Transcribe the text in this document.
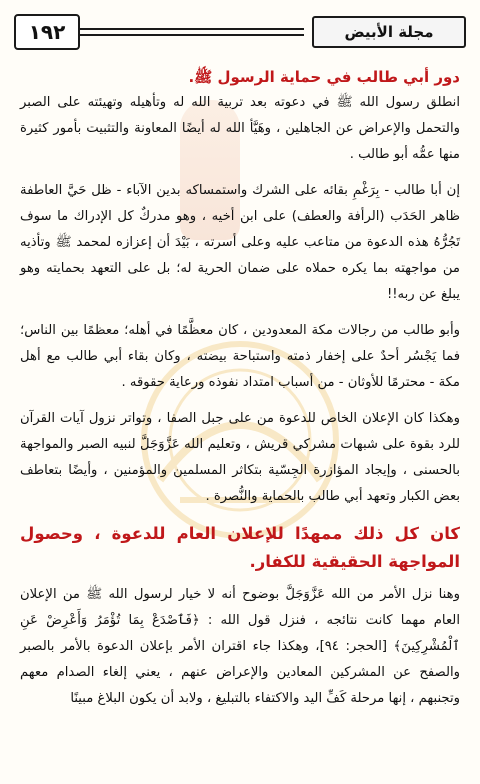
١٩٢	مجلة الأبيض

دور أبي طالب في حماية الرسول ﷺ.

انطلق رسول الله ﷺ في دعوته بعد تربية الله له وتأهيله وتهيئته على الصبر والتحمل والإعراض عن الجاهلين ، وهَيَّأ الله له أيضًا المعاونة والتثبيت بأمور كثيرة منها عمُّه أبو طالب .

إن أبا طالب - بِرَغْمِ بقائه على الشرك واستمساكه بدين الآباء - ظل حَيَّ العاطفة ظاهر الحَدَب (الرأفة والعطف) على ابن أخيه ، وهو مدركٌ كل الإدراك ما سوف تَجُرُّهُ هذه الدعوة من متاعب عليه وعلى أسرته ، بَيْدَ أن إعزازه لمحمد ﷺ وتأذيه من مواجهته بما يكره حملاه على ضمان الحرية له؛ بل على التعهد بحمايته وهو يبلغ عن ربه!!

وأبو طالب من رجالات مكة المعدودين ، كان معظَّمًا في أهله؛ معظمًا بين الناس؛ فما يَجْسُر أحدٌ على إخفار ذمته واستباحة بيضته ، وكان بقاء أبي طالب مع أهل مكة - محترمًا للأوثان - من أسباب امتداد نفوذه ورعاية حقوقه .

وهكذا كان الإعلان الخاص للدعوة من على جبل الصفا ، وتواتر نزول آيات القرآن للرد بقوة على شبهات مشركي قريش ، وتعليم الله عَزَّوَجَلَّ لنبيه الصبر والمواجهة بالحسنى ، وإيجاد المؤازرة الجِسّية بتكاثر المسلمين والمؤمنين ، وأيضًا بتعاطف بعض الكبار وتعهد أبي طالب بالحماية والنُّصرة .

كان كل ذلك ممهدًا للإعلان العام للدعوة ، وحصول المواجهة الحقيقية للكفار.

وهنا نزل الأمر من الله عَزَّوَجَلَّ بوضوح أنه لا خيار لرسول الله ﷺ من الإعلان العام مهما كانت نتائجه ، فنزل قول الله : ﴿فَٱصْدَعْ بِمَا تُؤْمَرُ وَأَعْرِضْ عَنِ ٱلْمُشْرِكِينَ﴾ [الحجر: ٩٤]، وهكذا جاء اقتران الأمر بإعلان الدعوة بالأمر بالصبر والصفح عن المشركين المعادين والإعراض عنهم ، يعني إلغاء الصدام معهم وتجنبهم ، إنها مرحلة كَفِّ اليد والاكتفاء بالتبليغ ، ولابد أن يكون البلاغ مبينًا
